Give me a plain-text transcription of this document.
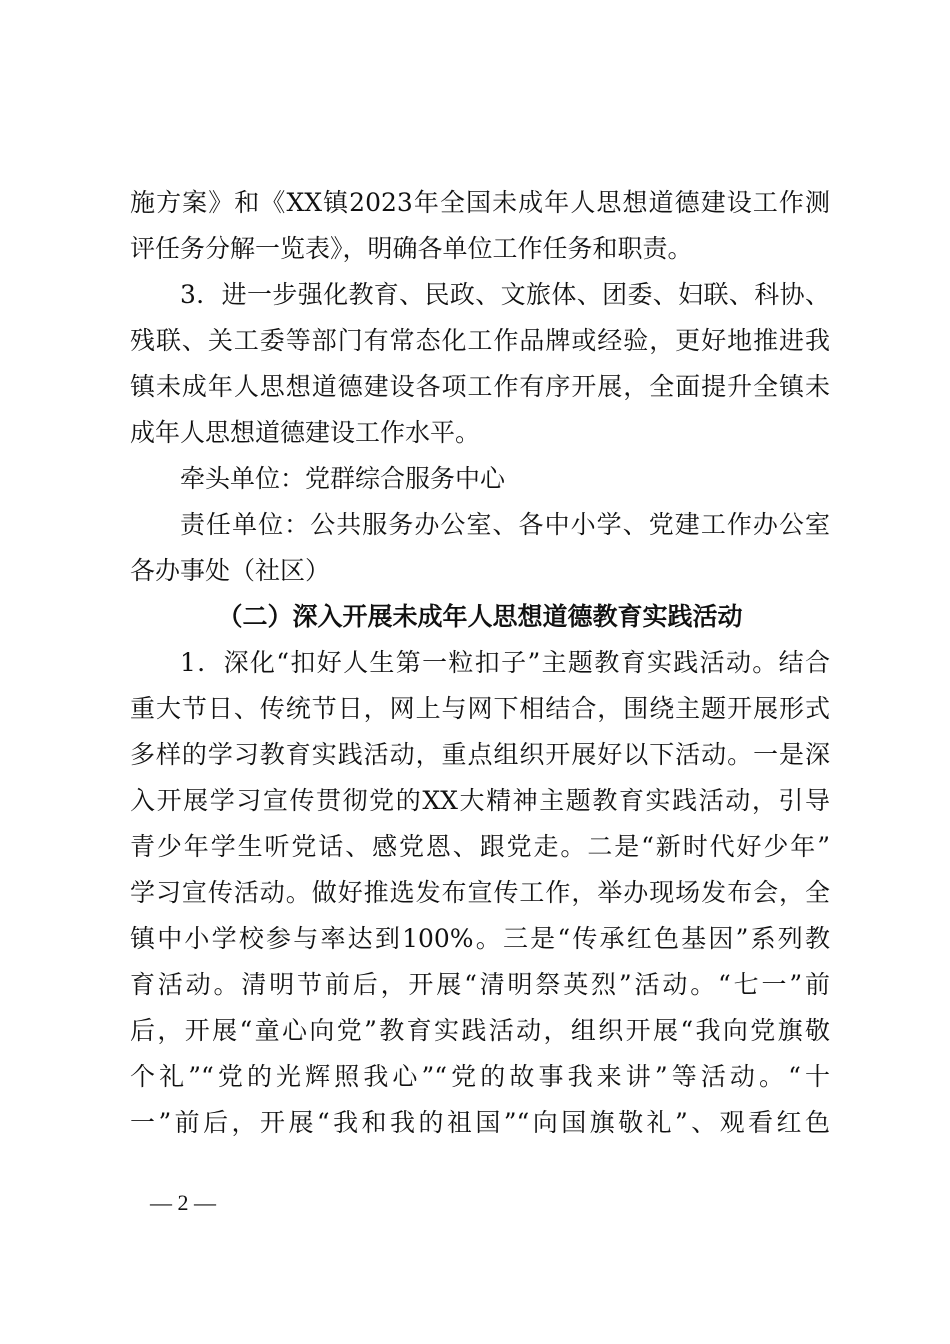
施方案》和《XX镇2023年全国未成年人思想道德建设工作测
评任务分解一览表》，明确各单位工作任务和职责。
3．进一步强化教育、民政、文旅体、团委、妇联、科协、
残联、关工委等部门有常态化工作品牌或经验，更好地推进我
镇未成年人思想道德建设各项工作有序开展，全面提升全镇未
成年人思想道德建设工作水平。
牵头单位：党群综合服务中心
责任单位：公共服务办公室、各中小学、党建工作办公室
各办事处（社区）
（二）深入开展未成年人思想道德教育实践活动
1．深化“扣好人生第一粒扣子”主题教育实践活动。结合
重大节日、传统节日，网上与网下相结合，围绕主题开展形式
多样的学习教育实践活动，重点组织开展好以下活动。一是深
入开展学习宣传贯彻党的XX大精神主题教育实践活动，引导
青少年学生听党话、感党恩、跟党走。二是“新时代好少年”
学习宣传活动。做好推选发布宣传工作，举办现场发布会，全
镇中小学校参与率达到100%。三是“传承红色基因”系列教
育活动。清明节前后，开展“清明祭英烈”活动。“七一”前
后，开展“童心向党”教育实践活动，组织开展“我向党旗敬
个礼”“党的光辉照我心”“党的故事我来讲”等活动。“十
一”前后，开展“我和我的祖国”“向国旗敬礼”、观看红色
— 2 —
